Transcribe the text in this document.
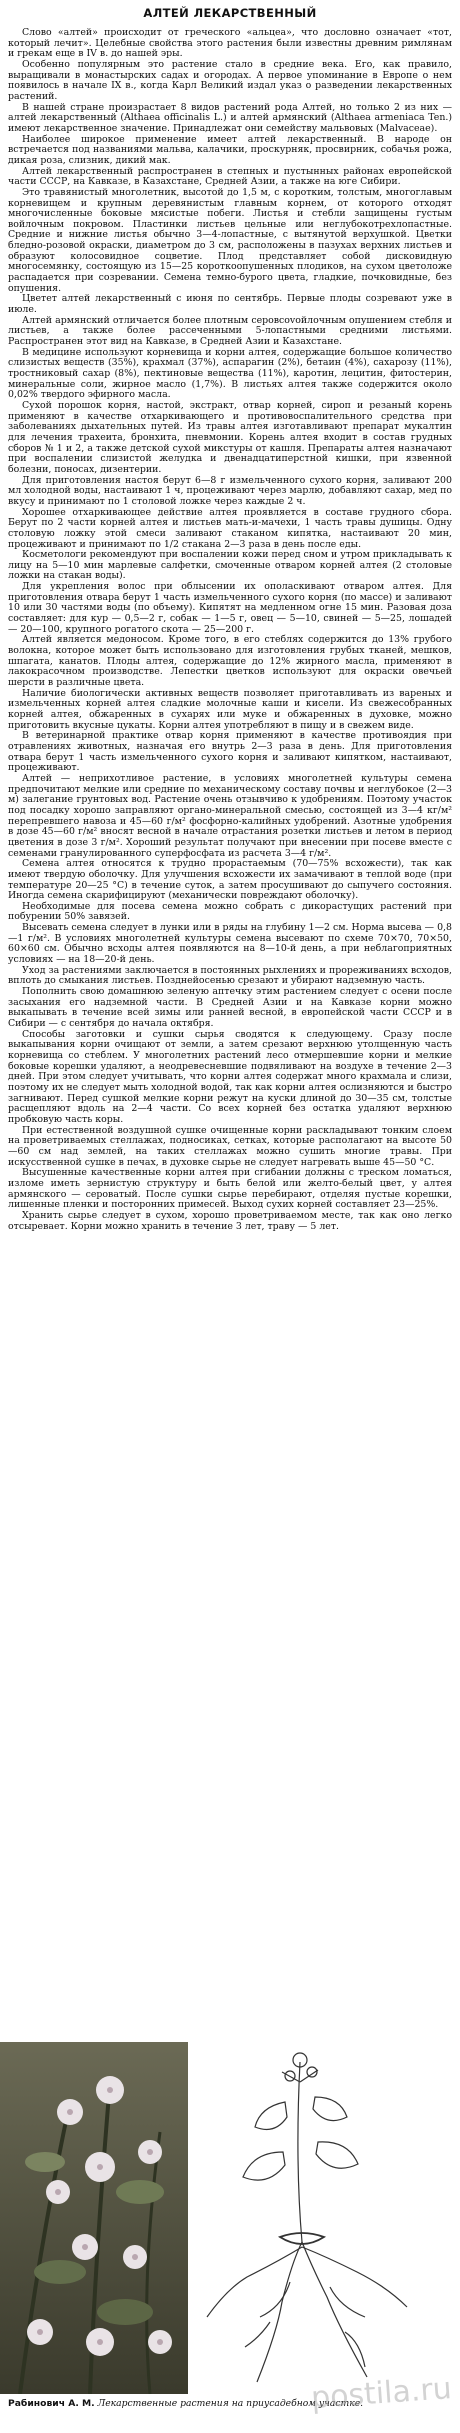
АЛТЕЙ ЛЕКАРСТВЕННЫЙ

Слово «алтей» происходит от греческого «альцеа», что дословно означает «тот, который лечит». Целебные свойства этого растения были известны древним римлянам и грекам еще в IV в. до нашей эры.

Особенно популярным это растение стало в средние века. Его, как правило, выращивали в монастырских садах и огородах. А первое упоминание в Европе о нем появилось в начале IX в., когда Карл Великий издал указ о разведении лекарственных растений.

В нашей стране произрастает 8 видов растений рода Алтей, но только 2 из них — алтей лекарственный (Althaea officinalis L.) и алтей армянский (Althaea armeniaca Ten.) имеют лекарственное значение. Принадлежат они семейству мальвовых (Malvaceae).

Наиболее широкое применение имеет алтей лекарственный. В народе он встречается под названиями мальва, калачики, проскурняк, просвирник, собачья рожа, дикая роза, слизник, дикий мак.

Алтей лекарственный распространен в степных и пустынных районах европейской части СССР, на Кавказе, в Казахстане, Средней Азии, а также на юге Сибири.

Это травянистый многолетник, высотой до 1,5 м, с коротким, толстым, многоглавым корневищем и крупным деревянистым главным корнем, от которого отходят многочисленные боковые мясистые побеги. Листья и стебли защищены густым войлочным покровом. Пластинки листьев цельные или неглубокотрехлопастные. Средние и нижние листья обычно 3—4-лопастные, с вытянутой верхушкой. Цветки бледно-розовой окраски, диаметром до 3 см, расположены в пазухах верхних листьев и образуют колосовидное соцветие. Плод представляет собой дисковидную многосемянку, состоящую из 15—25 короткоопушенных плодиков, на сухом цветоложе распадается при созревании. Семена темно-бурого цвета, гладкие, почковидные, без опушения.

Цветет алтей лекарственный с июня по сентябрь. Первые плоды созревают уже в июле.

Алтей армянский отличается более плотным серовcovойлочным опушением стебля и листьев, а также более рассеченными 5-лопастными средними листьями. Распространен этот вид на Кавказе, в Средней Азии и Казахстане.

В медицине используют корневища и корни алтея, содержащие большое количество слизистых веществ (35%), крахмал (37%), аспарагин (2%), бетаин (4%), сахарозу (11%), тростниковый сахар (8%), пектиновые вещества (11%), каротин, лецитин, фитостерин, минеральные соли, жирное масло (1,7%). В листьях алтея также содержится около 0,02% твердого эфирного масла.

Сухой порошок корня, настой, экстракт, отвар корней, сироп и резаный корень применяют в качестве отхаркивающего и противовоспалительного средства при заболеваниях дыхательных путей. Из травы алтея изготавливают препарат мукалтин для лечения трахеита, бронхита, пневмонии. Корень алтея входит в состав грудных сборов № 1 и 2, а также детской сухой микстуры от кашля. Препараты алтея назначают при воспалении слизистой желудка и двенадцатиперстной кишки, при язвенной болезни, поносах, дизентерии.

Для приготовления настоя берут 6—8 г измельченного сухого корня, заливают 200 мл холодной воды, настаивают 1 ч, процеживают через марлю, добавляют сахар, мед по вкусу и принимают по 1 столовой ложке через каждые 2 ч.

Хорошее отхаркивающее действие алтея проявляется в составе грудного сбора. Берут по 2 части корней алтея и листьев мать-и-мачехи, 1 часть травы душицы. Одну столовую ложку этой смеси заливают стаканом кипятка, настаивают 20 мин, процеживают и принимают по 1/2 стакана 2—3 раза в день после еды.

Косметологи рекомендуют при воспалении кожи перед сном и утром прикладывать к лицу на 5—10 мин марлевые салфетки, смоченные отваром корней алтея (2 столовые ложки на стакан воды).

Для укрепления волос при облысении их ополаскивают отваром алтея. Для приготовления отвара берут 1 часть измельченного сухого корня (по массе) и заливают 10 или 30 частями воды (по объему). Кипятят на медленном огне 15 мин. Разовая доза составляет: для кур — 0,5—2 г, собак — 1—5 г, овец — 5—10, свиней — 5—25, лошадей — 20—100, крупного рогатого скота — 25—200 г.

Алтей является медоносом. Кроме того, в его стеблях содержится до 13% грубого волокна, которое может быть использовано для изготовления грубых тканей, мешков, шпагата, канатов. Плоды алтея, содержащие до 12% жирного масла, применяют в лакокрасочном производстве. Лепестки цветков используют для окраски овечьей шерсти в различные цвета.

Наличие биологически активных веществ позволяет приготавливать из вареных и измельченных корней алтея сладкие молочные каши и кисели. Из свежесобранных корней алтея, обжаренных в сухарях или муке и обжаренных в духовке, можно приготовить вкусные цукаты. Корни алтея употребляют в пищу и в свежем виде.

В ветеринарной практике отвар корня применяют в качестве противоядия при отравлениях животных, назначая его внутрь 2—3 раза в день. Для приготовления отвара берут 1 часть измельченного сухого корня и заливают кипятком, настаивают, процеживают.

Алтей — неприхотливое растение, в условиях многолетней культуры семена предпочитают мелкие или средние по механическому составу почвы и неглубокое (2—3 м) залегание грунтовых вод. Растение очень отзывчиво к удобрениям. Поэтому участок под посадку хорошо заправляют органо-минеральной смесью, состоящей из 3—4 кг/м² перепревшего навоза и 45—60 г/м² фосфорно-калийных удобрений. Азотные удобрения в дозе 45—60 г/м² вносят весной в начале отрастания розетки листьев и летом в период цветения в дозе 3 г/м². Хороший результат получают при внесении при посеве вместе с семенами гранулированного суперфосфата из расчета 3—4 г/м².

Семена алтея относятся к трудно прорастаемым (70—75% всхожести), так как имеют твердую оболочку. Для улучшения всхожести их замачивают в теплой воде (при температуре 20—25 °С) в течение суток, а затем просушивают до сыпучего состояния. Иногда семена скарифицируют (механически повреждают оболочку).

Необходимые для посева семена можно собрать с дикорастущих растений при побурении 50% завязей.

Высевать семена следует в лунки или в ряды на глубину 1—2 см. Норма высева — 0,8—1 г/м². В условиях многолетней культуры семена высевают по схеме 70×70, 70×50, 60×60 см. Обычно всходы алтея появляются на 8—10-й день, а при неблагоприятных условиях — на 18—20-й день.

Уход за растениями заключается в постоянных рыхлениях и прореживаниях всходов, вплоть до смыкания листьев. Позднейосенью срезают и убирают надземную часть.

Пополнить свою домашнюю зеленую аптечку этим растением следует с осени после засыхания его надземной части. В Средней Азии и на Кавказе корни можно выкапывать в течение всей зимы или ранней весной, в европейской части СССР и в Сибири — с сентября до начала октября.

Способы заготовки и сушки сырья сводятся к следующему. Сразу после выкапывания корни очищают от земли, а затем срезают верхнюю утолщенную часть корневища со стеблем. У многолетних растений лесо отмершевшие корни и мелкие боковые корешки удаляют, а неодревесневшие подвяливают на воздухе в течение 2—3 дней. При этом следует учитывать, что корни алтея содержат много крахмала и слизи, поэтому их не следует мыть холодной водой, так как корни алтея ослизняются и быстро загнивают. Перед сушкой мелкие корни режут на куски длиной до 30—35 см, толстые расщепляют вдоль на 2—4 части. Со всех корней без остатка удаляют верхнюю пробковую часть коры.

При естественной воздушной сушке очищенные корни раскладывают тонким слоем на проветриваемых стеллажах, подносиках, сетках, которые располагают на высоте 50—60 см над землей, на таких стеллажах можно сушить многие травы. При искусственной сушке в печах, в духовке сырье не следует нагревать выше 45—50 °С.

Высушенные качественные корни алтея при сгибании должны с треском ломаться, изломе иметь зернистую структуру и быть белой или желто-белый цвет, у алтея армянского — сероватый. После сушки сырье перебирают, отделяя пустые корешки, лишенные пленки и посторонних примесей. Выход сухих корней составляет 23—25%.

Хранить сырье следует в сухом, хорошо проветриваемом месте, так как оно легко отсыревает. Корни можно хранить в течение 3 лет, траву — 5 лет.

Рабинович А. М. Лекарственные растения на приусадебном участке.
postila.ru
